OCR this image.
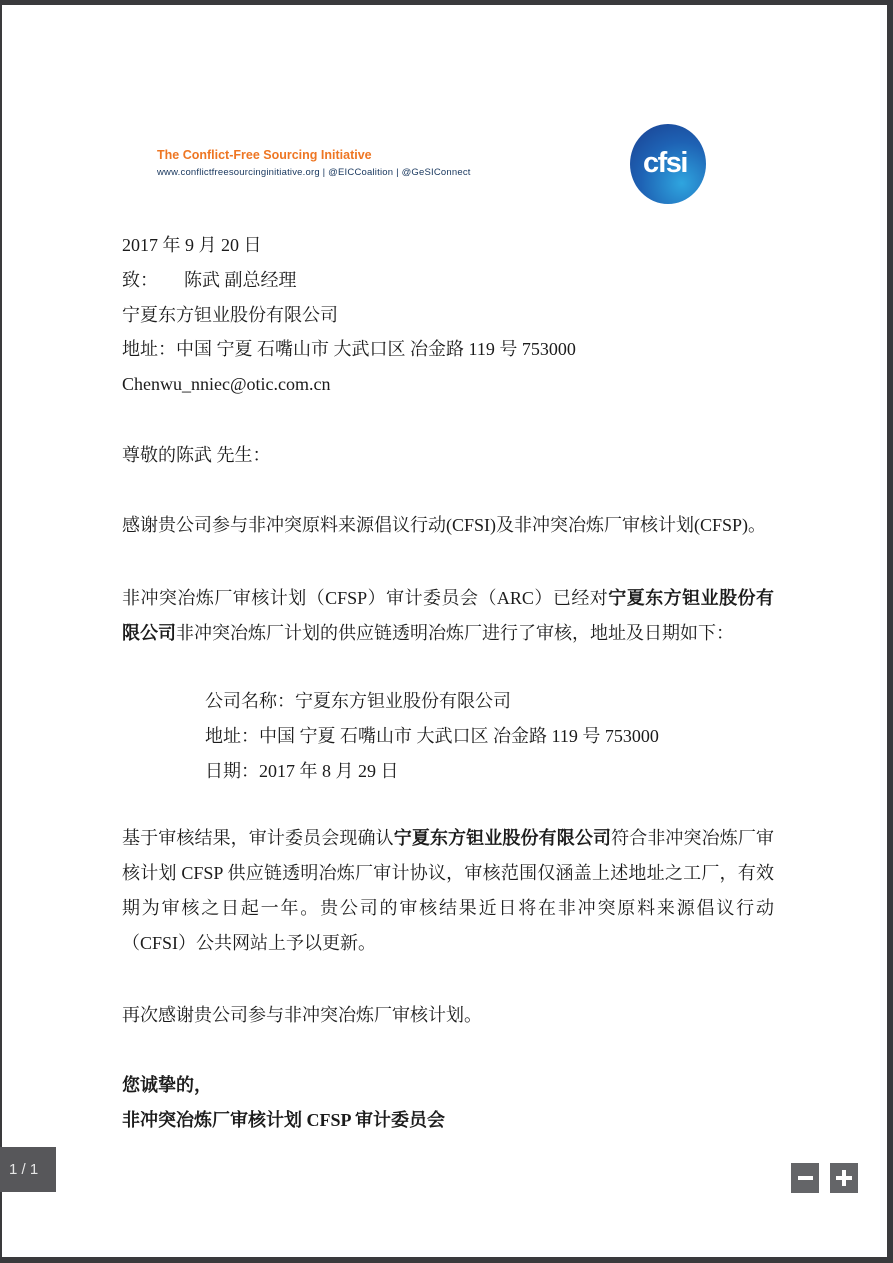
The Conflict-Free Sourcing Initiative
www.conflictfreesourcinginitiative.org | @EICCoalition | @GeSIConnect	cfsi
2017 年 9 月 20 日
致： 陈武 副总经理
宁夏东方钽业股份有限公司
地址：中国 宁夏 石嘴山市 大武口区 冶金路 119 号 753000
Chenwu_nniec@otic.com.cn
尊敬的陈武 先生：
感谢贵公司参与非冲突原料来源倡议行动(CFSI)及非冲突冶炼厂审核计划(CFSP)。
非冲突冶炼厂审核计划（CFSP）审计委员会（ARC）已经对宁夏东方钽业股份有限公司非冲突冶炼厂计划的供应链透明冶炼厂进行了审核，地址及日期如下：
公司名称：宁夏东方钽业股份有限公司
地址：中国 宁夏 石嘴山市 大武口区 冶金路 119 号 753000
日期：2017 年 8 月 29 日
基于审核结果，审计委员会现确认宁夏东方钽业股份有限公司符合非冲突冶炼厂审核计划 CFSP 供应链透明冶炼厂审计协议，审核范围仅涵盖上述地址之工厂，有效期为审核之日起一年。贵公司的审核结果近日将在非冲突原料来源倡议行动（CFSI）公共网站上予以更新。
再次感谢贵公司参与非冲突冶炼厂审核计划。
您诚挚的，
非冲突冶炼厂审核计划 CFSP 审计委员会
1 / 1
